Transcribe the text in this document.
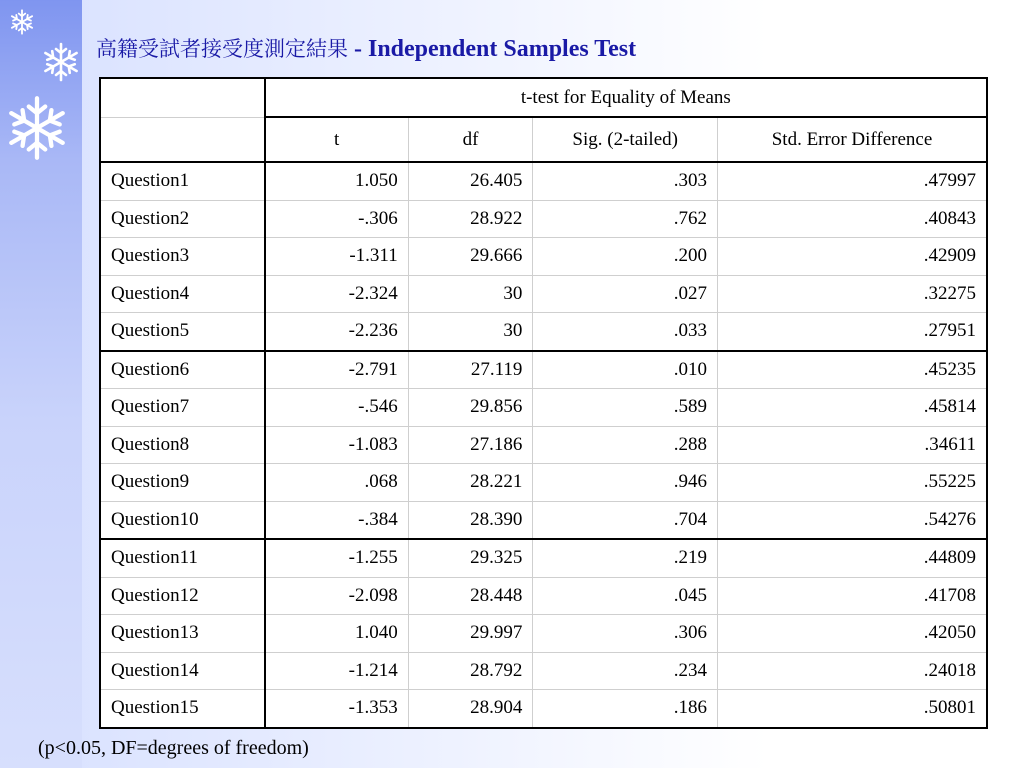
高籍受試者接受度測定結果 - Independent Samples Test
	t-test for Equality of Means			
	t	df	Sig. (2-tailed)	Std. Error Difference
Question1	1.050	26.405	.303	.47997
Question2	-.306	28.922	.762	.40843
Question3	-1.311	29.666	.200	.42909
Question4	-2.324	30	.027	.32275
Question5	-2.236	30	.033	.27951
Question6	-2.791	27.119	.010	.45235
Question7	-.546	29.856	.589	.45814
Question8	-1.083	27.186	.288	.34611
Question9	.068	28.221	.946	.55225
Question10	-.384	28.390	.704	.54276
Question11	-1.255	29.325	.219	.44809
Question12	-2.098	28.448	.045	.41708
Question13	1.040	29.997	.306	.42050
Question14	-1.214	28.792	.234	.24018
Question15	-1.353	28.904	.186	.50801
(p<0.05, DF=degrees of freedom)
